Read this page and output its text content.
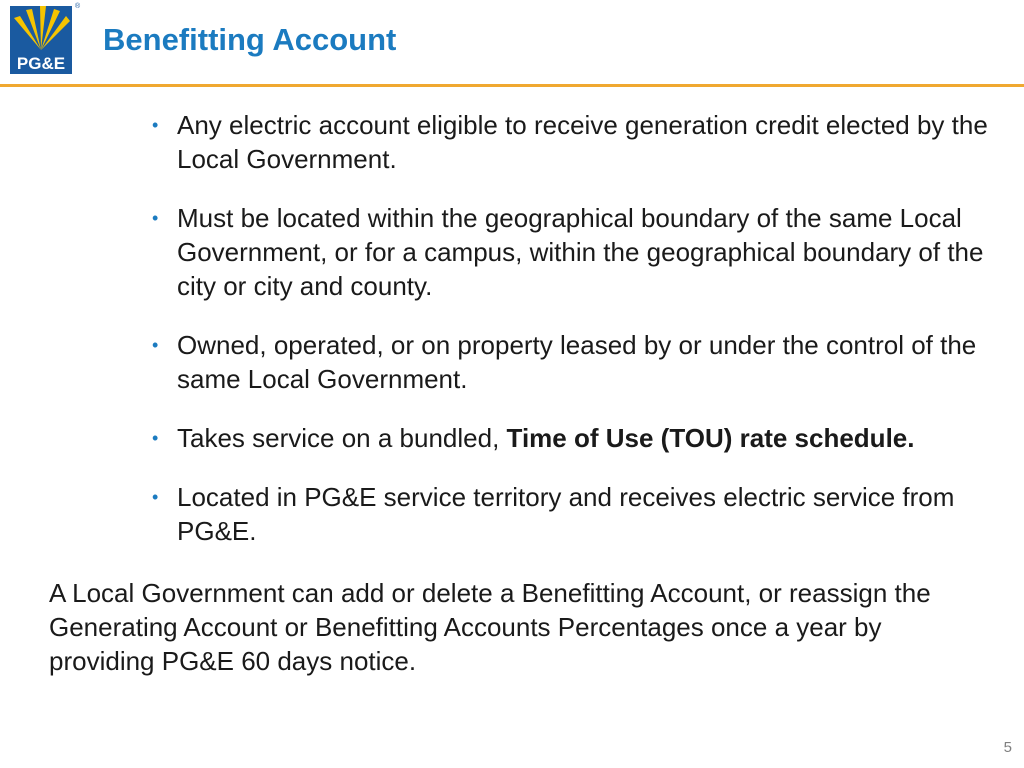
PG&E
®
Benefitting Account
• Any electric account eligible to receive generation credit elected by the Local Government.
• Must be located within the geographical boundary of the same Local Government, or for a campus, within the geographical boundary of the city or city and county.
• Owned, operated, or on property leased by or under the control of the same Local Government.
• Takes service on a bundled, Time of Use (TOU) rate schedule.
• Located in PG&E service territory and receives electric service from PG&E.

A Local Government can add or delete a Benefitting Account, or reassign the Generating Account or Benefitting Accounts Percentages once a year by providing PG&E 60 days notice.

5
